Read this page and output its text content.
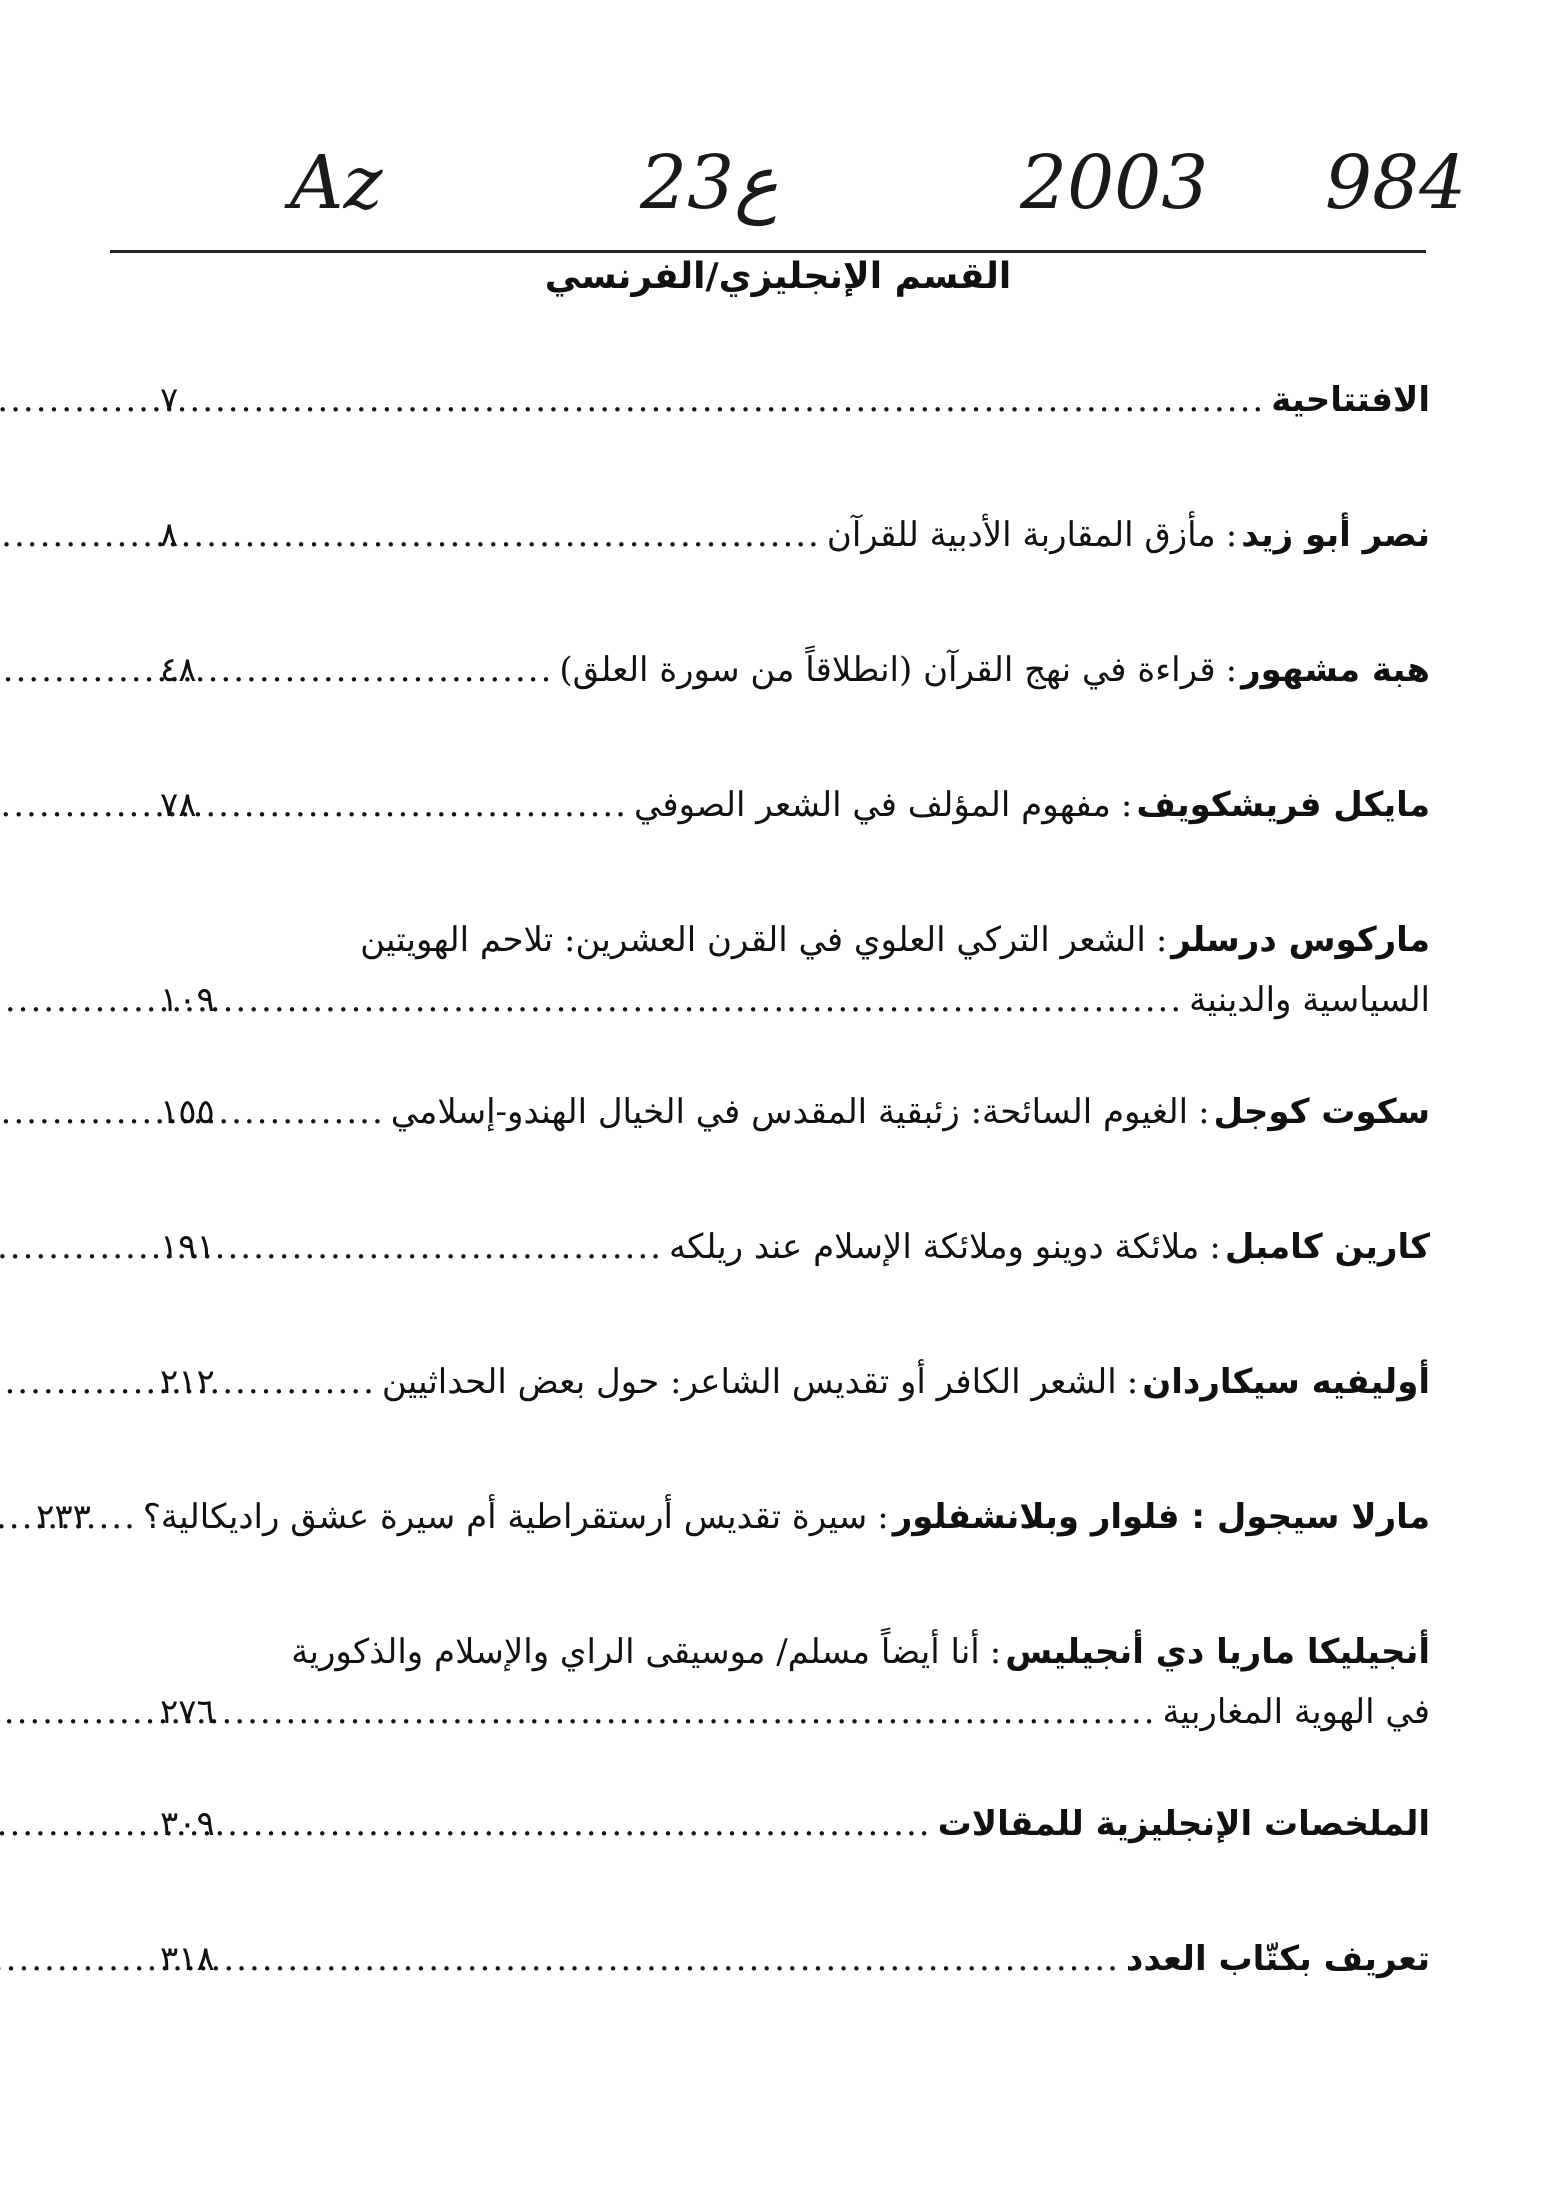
Az	23ع	2003 984
القسم الإنجليزي/الفرنسي
الافتتاحية
.....
٧
نصر أبو زيد
:
مأزق المقاربة الأدبية للقرآن
.....
٨
هبة مشهور
:
قراءة في نهج القرآن (انطلاقاً من سورة العلق)
.....
٤٨
مايكل فريشكويف
:
مفهوم المؤلف في الشعر الصوفي
.....
٧٨
ماركوس درسلر
:
الشعر التركي العلوي في القرن العشرين: تلاحم الهويتين
السياسية والدينية
.....
١٠٩
سكوت كوجل
:
الغيوم السائحة: زئبقية المقدس في الخيال الهندو-إسلامي
.....
١٥٥
كارين كامبل
:
ملائكة دوينو وملائكة الإسلام عند ريلكه
.....
١٩١
أوليفيه سيكاردان
:
الشعر الكافر أو تقديس الشاعر: حول بعض الحداثيين
.....
٢١٢
مارلا سيجول : فلوار وبلانشفلور
:
سيرة تقديس أرستقراطية أم سيرة عشق راديكالية؟
.....
٢٣٣
أنجيليكا ماريا دي أنجيليس
:
أنا أيضاً مسلم/ موسيقى الراي والإسلام والذكورية
في الهوية المغاربية
.....
٢٧٦
الملخصات الإنجليزية للمقالات
.....
٣٠٩
تعريف بكتّاب العدد
.....
٣١٨
